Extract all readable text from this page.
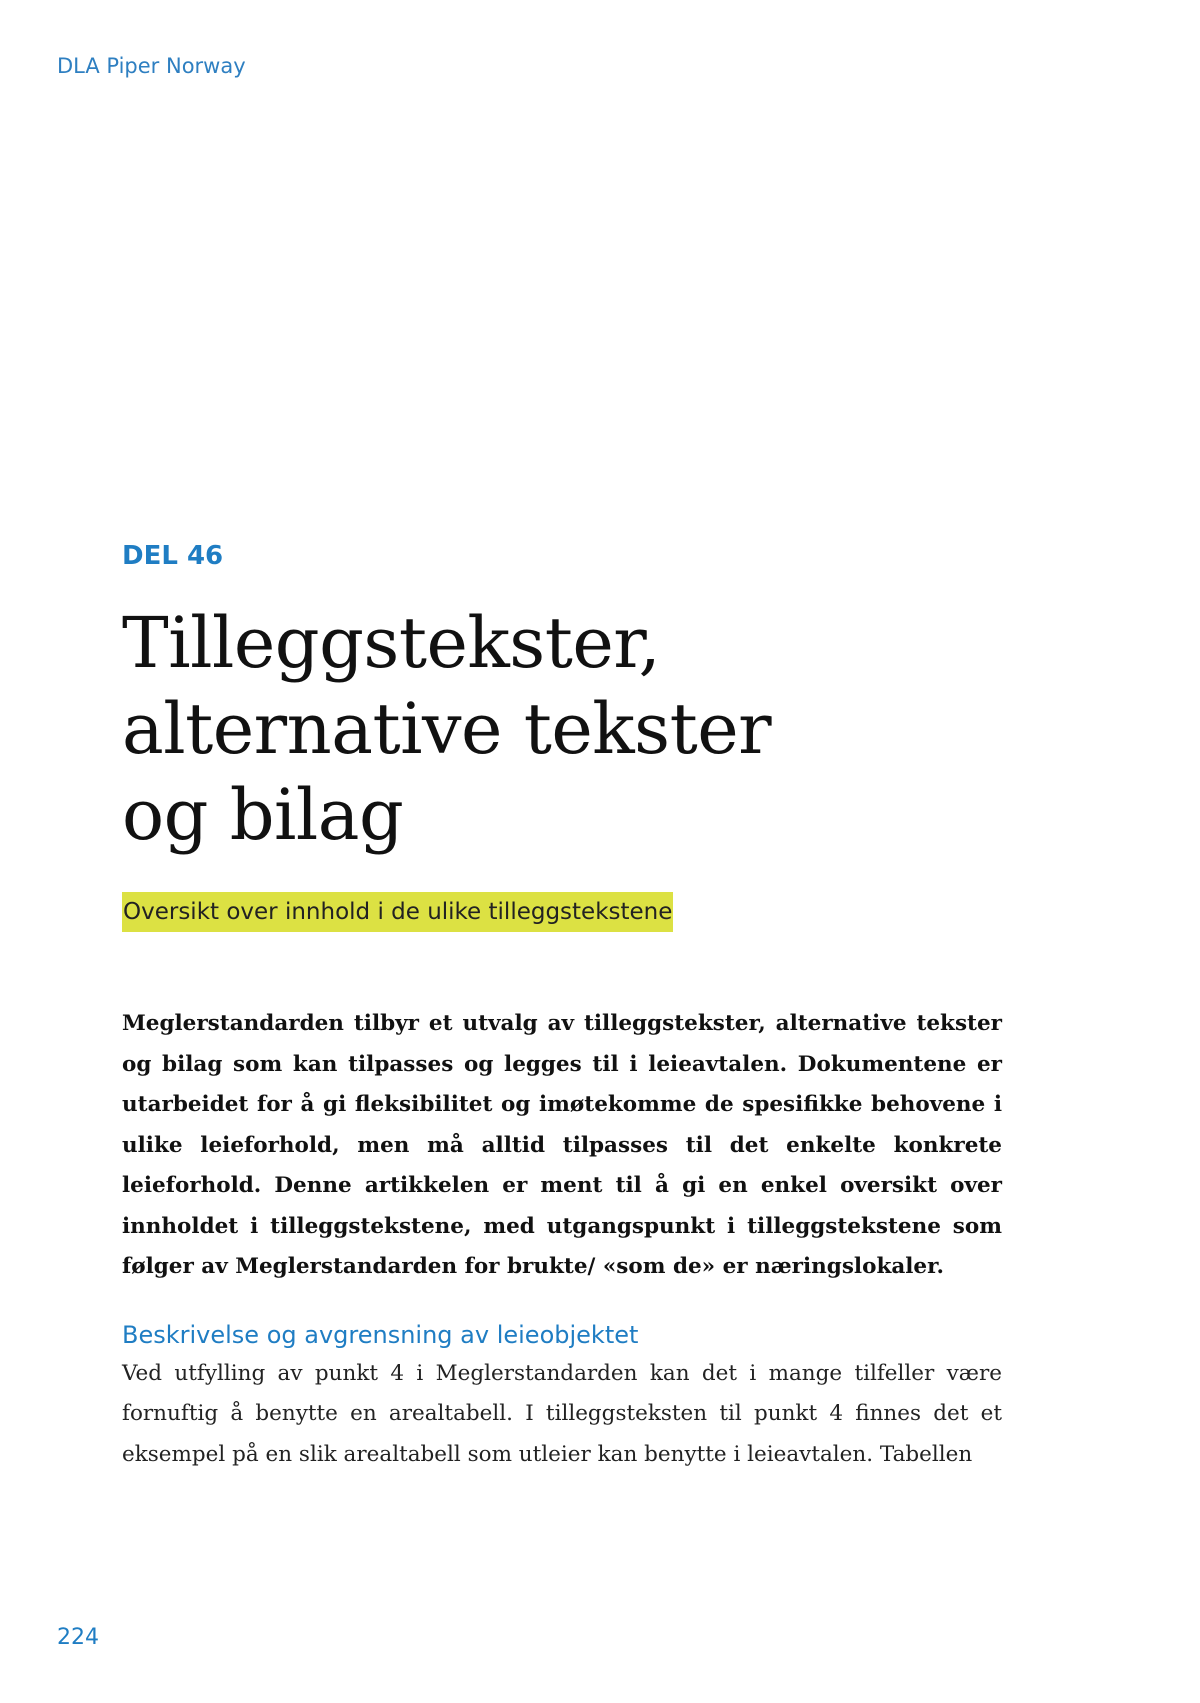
DLA Piper Norway

DEL 46

Tilleggstekster,
alternative tekster
og bilag
Oversikt over innhold i de ulike tilleggstekstene

Meglerstandarden tilbyr et utvalg av tilleggstekster, alternative tekster og bilag som kan tilpasses og legges til i leieavtalen. Dokumentene er utarbeidet for å gi fleksibilitet og imøtekomme de spesifikke behovene i ulike leieforhold, men må alltid tilpasses til det enkelte konkrete leieforhold. Denne artikkelen er ment til å gi en enkel oversikt over innholdet i tilleggstekstene, med utgangspunkt i tilleggstekstene som følger av Meglerstandarden for brukte/ «som de» er næringslokaler.

Beskrivelse og avgrensning av leieobjektet

Ved utfylling av punkt 4 i Meglerstandarden kan det i mange tilfeller være fornuftig å benytte en arealtabell. I tilleggsteksten til punkt 4 finnes det et eksempel på en slik arealtabell som utleier kan benytte i leieavtalen. Tabellen

224
